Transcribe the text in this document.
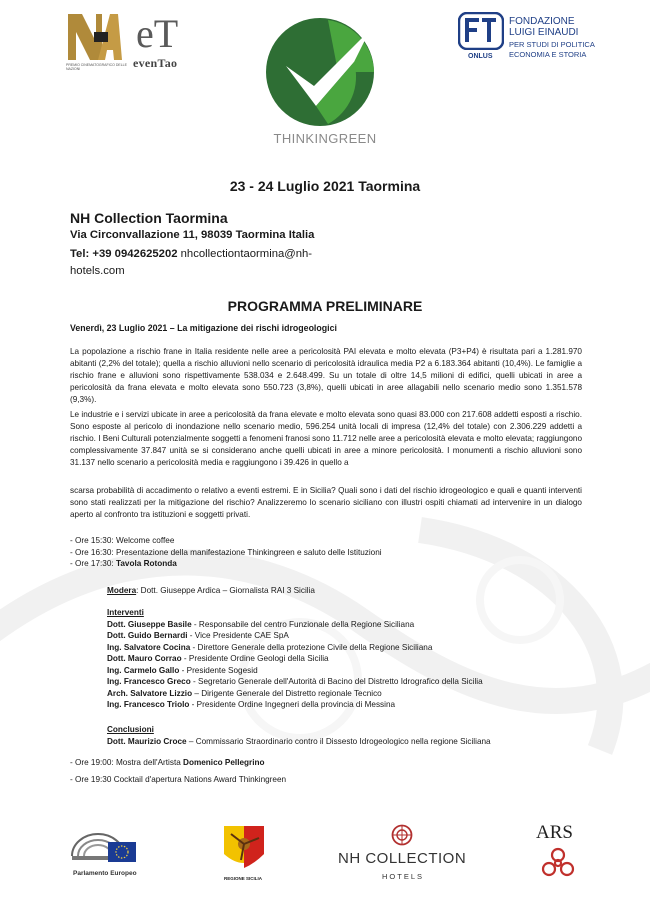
PREMIO CINEMATOGRAFICO DELLE NAZIONI
eT
evenTao
THINKINGREEN
ONLUS
FONDAZIONE
LUIGI EINAUDI
PER STUDI DI POLITICA
ECONOMIA E STORIA
23 - 24 Luglio 2021 Taormina
NH Collection Taormina
Via Circonvallazione 11, 98039 Taormina Italia
Tel: +39 0942625202 nhcollectiontaormina@nh-
hotels.com
PROGRAMMA PRELIMINARE
Venerdì, 23 Luglio 2021 – La mitigazione dei rischi idrogeologici
La popolazione a rischio frane in Italia residente nelle aree a pericolosità PAI elevata e molto elevata (P3+P4) è risultata pari a 1.281.970 abitanti (2,2% del totale); quella a rischio alluvioni nello scenario di pericolosità idraulica media P2 a 6.183.364 abitanti (10,4%). Le famiglie a rischio frane e alluvioni sono rispettivamente 538.034 e 2.648.499. Su un totale di oltre 14,5 milioni di edifici, quelli ubicati in aree a pericolosità da frana elevata e molto elevata sono 550.723 (3,8%), quelli ubicati in aree allagabili nello scenario medio sono 1.351.578 (9,3%).
Le industrie e i servizi ubicate in aree a pericolosità da frana elevate e molto elevata sono quasi 83.000 con 217.608 addetti esposti a rischio. Sono esposte al pericolo di inondazione nello scenario medio, 596.254 unità locali di impresa (12,4% del totale) con 2.306.229 addetti a rischio. I Beni Culturali potenzialmente soggetti a fenomeni franosi sono 11.712 nelle aree a pericolosità elevata e molto elevata; raggiungono complessivamente 37.847 unità se si considerano anche quelli ubicati in aree a minore pericolosità. I monumenti a rischio alluvioni sono 31.137 nello scenario a pericolosità media e raggiungono i 39.426 in quello a
scarsa probabilità di accadimento o relativo a eventi estremi. E in Sicilia? Quali sono i dati del rischio idrogeologico e quali e quanti interventi sono stati realizzati per la mitigazione del rischio? Analizzeremo lo scenario siciliano con illustri ospiti chiamati ad intervenire in un dialogo aperto al confronto tra istituzioni e soggetti privati.
- Ore 15:30: Welcome coffee
- Ore 16:30: Presentazione della manifestazione Thinkingreen e saluto delle Istituzioni
- Ore 17:30: Tavola Rotonda
Modera: Dott. Giuseppe Ardica – Giornalista RAI 3 Sicilia
Interventi
Dott. Giuseppe Basile - Responsabile del centro Funzionale della Regione Siciliana
Dott. Guido Bernardi - Vice Presidente CAE SpA
Ing. Salvatore Cocina - Direttore Generale della protezione Civile della Regione Siciliana
Dott. Mauro Corrao - Presidente Ordine Geologi della Sicilia
Ing. Carmelo Gallo - Presidente Sogesid
Ing. Francesco Greco - Segretario Generale dell'Autorità di Bacino del Distretto Idrografico della Sicilia
Arch. Salvatore Lizzio – Dirigente Generale del Distretto regionale Tecnico
Ing. Francesco Triolo - Presidente Ordine Ingegneri della provincia di Messina
Conclusioni
Dott. Maurizio Croce – Commissario Straordinario contro il Dissesto Idrogeologico nella regione Siciliana
- Ore 19:00: Mostra dell'Artista Domenico Pellegrino
- Ore 19:30 Cocktail d'apertura Nations Award Thinkingreen
Parlamento Europeo
REGIONE SICILIA
NH COLLECTION
HOTELS
ARS
